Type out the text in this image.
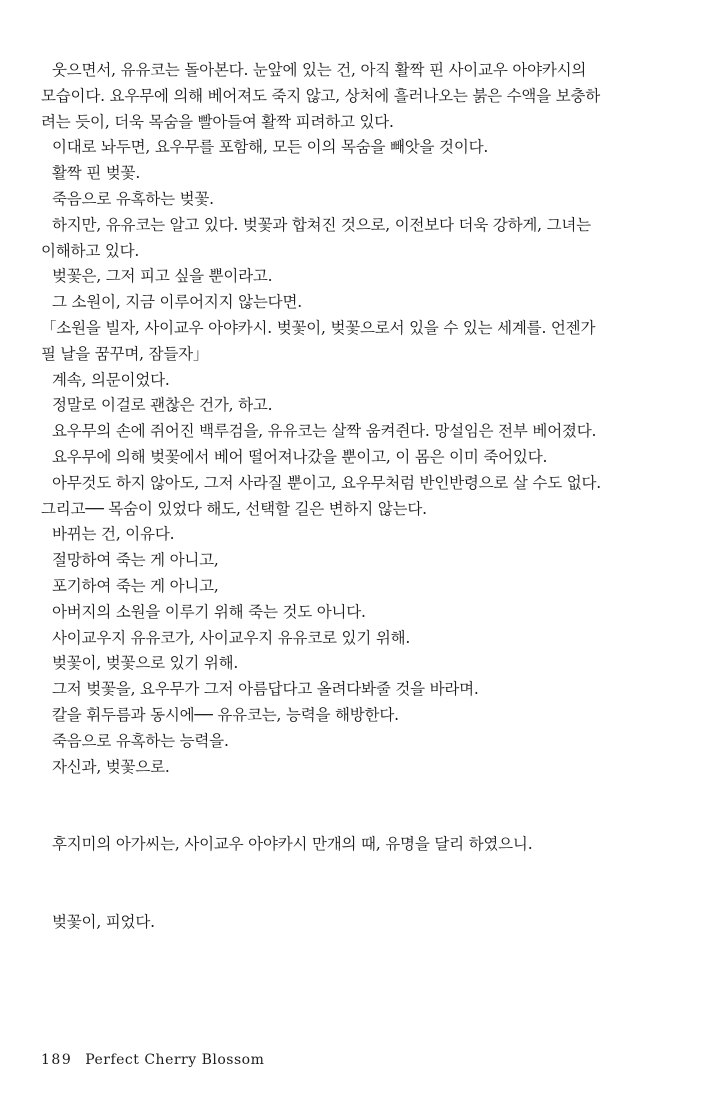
웃으면서, 유유코는 돌아본다. 눈앞에 있는 건, 아직 활짝 핀 사이교우 아야카시의
모습이다. 요우무에 의해 베어져도 죽지 않고, 상처에 흘러나오는 붉은 수액을 보충하
려는 듯이, 더욱 목숨을 빨아들여 활짝 피려하고 있다.
이대로 놔두면, 요우무를 포함해, 모든 이의 목숨을 빼앗을 것이다.
활짝 핀 벚꽃.
죽음으로 유혹하는 벚꽃.
하지만, 유유코는 알고 있다. 벚꽃과 합쳐진 것으로, 이전보다 더욱 강하게, 그녀는
이해하고 있다.
벚꽃은, 그저 피고 싶을 뿐이라고.
그 소원이, 지금 이루어지지 않는다면.
「소원을 빌자, 사이교우 아야카시. 벚꽃이, 벚꽃으로서 있을 수 있는 세계를. 언젠가
필 날을 꿈꾸며, 잠들자」
계속, 의문이었다.
정말로 이걸로 괜찮은 건가, 하고.
요우무의 손에 쥐어진 백루검을, 유유코는 살짝 움켜쥔다. 망설임은 전부 베어졌다.
요우무에 의해 벚꽃에서 베어 떨어져나갔을 뿐이고, 이 몸은 이미 죽어있다.
아무것도 하지 않아도, 그저 사라질 뿐이고, 요우무처럼 반인반령으로 살 수도 없다.
그리고── 목숨이 있었다 해도, 선택할 길은 변하지 않는다.
바뀌는 건, 이유다.
절망하여 죽는 게 아니고,
포기하여 죽는 게 아니고,
아버지의 소원을 이루기 위해 죽는 것도 아니다.
사이교우지 유유코가, 사이교우지 유유코로 있기 위해.
벚꽃이, 벚꽃으로 있기 위해.
그저 벚꽃을, 요우무가 그저 아름답다고 올려다봐줄 것을 바라며.
칼을 휘두름과 동시에── 유유코는, 능력을 해방한다.
죽음으로 유혹하는 능력을.
자신과, 벚꽃으로.
후지미의 아가씨는, 사이교우 아야카시 만개의 때, 유명을 달리 하였으니.
벚꽃이, 피었다.
189 Perfect Cherry Blossom
